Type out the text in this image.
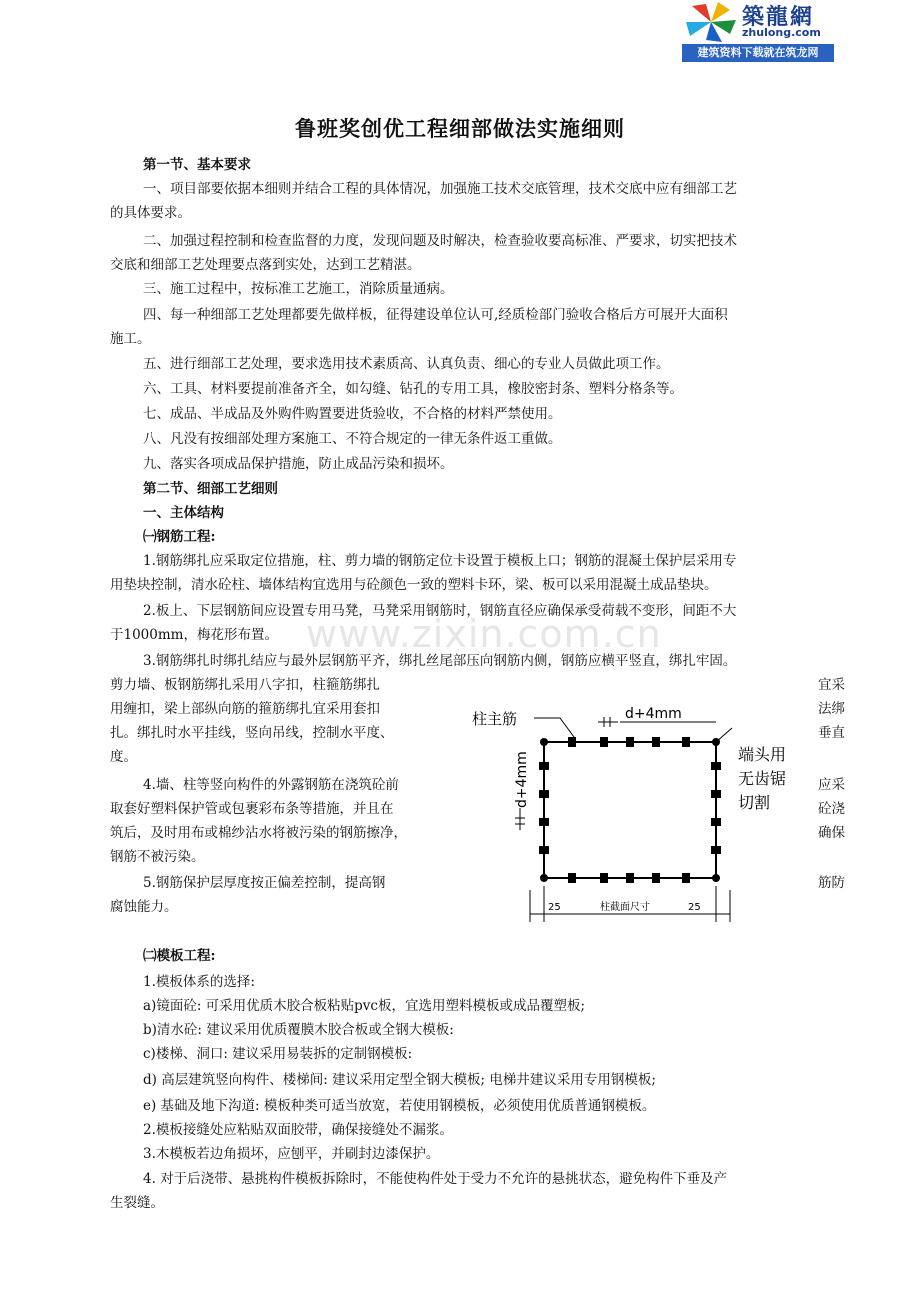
築龍網
zhulong.com
建筑资料下载就在筑龙网
www.zixin.com.cn
鲁班奖创优工程细部做法实施细则
第一节、基本要求
一、项目部要依据本细则并结合工程的具体情况，加强施工技术交底管理，技术交底中应有细部工艺
的具体要求。
二、加强过程控制和检查监督的力度，发现问题及时解决，检查验收要高标准、严要求，切实把技术
交底和细部工艺处理要点落到实处，达到工艺精湛。
三、施工过程中，按标准工艺施工，消除质量通病。
四、每一种细部工艺处理都要先做样板，征得建设单位认可,经质检部门验收合格后方可展开大面积
施工。
五、进行细部工艺处理，要求选用技术素质高、认真负责、细心的专业人员做此项工作。
六、工具、材料要提前准备齐全，如勾缝、钻孔的专用工具，橡胶密封条、塑料分格条等。
七、成品、半成品及外购件购置要进货验收，不合格的材料严禁使用。
八、凡没有按细部处理方案施工、不符合规定的一律无条件返工重做。
九、落实各项成品保护措施，防止成品污染和损坏。
第二节、细部工艺细则
一、主体结构
㈠钢筋工程:
1.钢筋绑扎应采取定位措施，柱、剪力墙的钢筋定位卡设置于模板上口；钢筋的混凝土保护层采用专
用垫块控制，清水砼柱、墙体结构宜选用与砼颜色一致的塑料卡环，梁、板可以采用混凝土成品垫块。
2.板上、下层钢筋间应设置专用马凳，马凳采用钢筋时，钢筋直径应确保承受荷载不变形，间距不大
于1000mm，梅花形布置。
3.钢筋绑扎时绑扎结应与最外层钢筋平齐，绑扎丝尾部压向钢筋内侧，钢筋应横平竖直，绑扎牢固。
剪力墙、板钢筋绑扎采用八字扣，柱箍筋绑扎	宜采
用缠扣，梁上部纵向筋的箍筋绑扎宜采用套扣	法绑
扎。绑扎时水平挂线，竖向吊线，控制水平度、	垂直
度。
4.墙、柱等竖向构件的外露钢筋在浇筑砼前	应采
取套好塑料保护管或包裹彩布条等措施，并且在	砼浇
筑后，及时用布或棉纱沾水将被污染的钢筋擦净，	确保
钢筋不被污染。
5.钢筋保护层厚度按正偏差控制，提高钢	筋防
腐蚀能力。
㈡模板工程:
1.模板体系的选择:
a)镜面砼: 可采用优质木胶合板粘贴pvc板，宜选用塑料模板或成品覆塑板;
b)清水砼: 建议采用优质覆膜木胶合板或全钢大模板:
c)楼梯、洞口: 建议采用易装拆的定制钢模板:
d) 高层建筑竖向构件、楼梯间: 建议采用定型全钢大模板; 电梯井建议采用专用钢模板;
e) 基础及地下沟道: 模板种类可适当放宽，若使用钢模板，必须使用优质普通钢模板。
2.模板接缝处应粘贴双面胶带，确保接缝处不漏浆。
3.木模板若边角损坏，应刨平，并刷封边漆保护。
4. 对于后浇带、悬挑构件模板拆除时，不能使构件处于受力不允许的悬挑状态，避免构件下垂及产
生裂缝。
柱主筋	d+4mm
d+4mm	端头用
无齿锯
切割
25	25
柱截面尺寸
